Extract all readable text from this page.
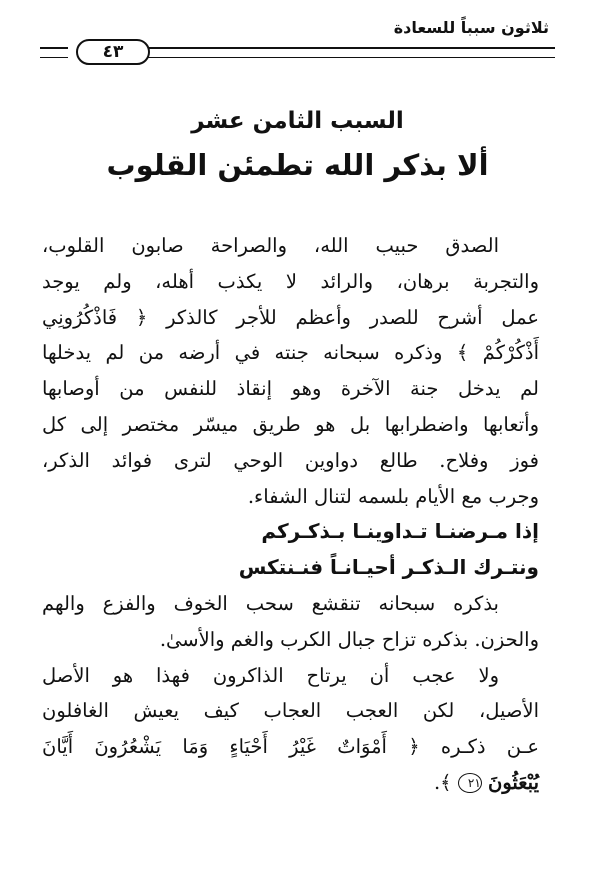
ثلاثون سبباً للسعادة
٤٣
السبب الثامن عشر
ألا بذكر الله تطمئن القلوب
الصدق حبيب الله، والصراحة صابون القلوب،
والتجربة برهان، والرائد لا يكذب أهله، ولم يوجد
عمل أشرح للصدر وأعظم للأجر كالذكر ﴿ فَاذْكُرُونِي
أَذْكُرْكُمْ ﴾ وذكره سبحانه جنته في أرضه من لم يدخلها
لم يدخل جنة الآخرة وهو إنقاذ للنفس من أوصابها
وأتعابها واضطرابها بل هو طريق ميسّر مختصر إلى كل
فوز وفلاح. طالع دواوين الوحي لترى فوائد الذكر،
وجرب مع الأيام بلسمه لتنال الشفاء.
إذا مـرضنـا تـداوينـا بـذكـركم
ونتـرك الـذكـر أحيـانـاً فنـنتكس
بذكره سبحانه تنقشع سحب الخوف والفزع والهم
والحزن. بذكره تزاح جبال الكرب والغم والأسىٰ.
ولا عجب أن يرتاح الذاكرون فهذا هو الأصل
الأصيل، لكن العجب العجاب كيف يعيش الغافلون
عـن ذكـره ﴿ أَمْوَاتٌ غَيْرُ أَحْيَاءٍ وَمَا يَشْعُرُونَ أَيَّانَ
يُبْعَثُونَ ٢١ ﴾.
